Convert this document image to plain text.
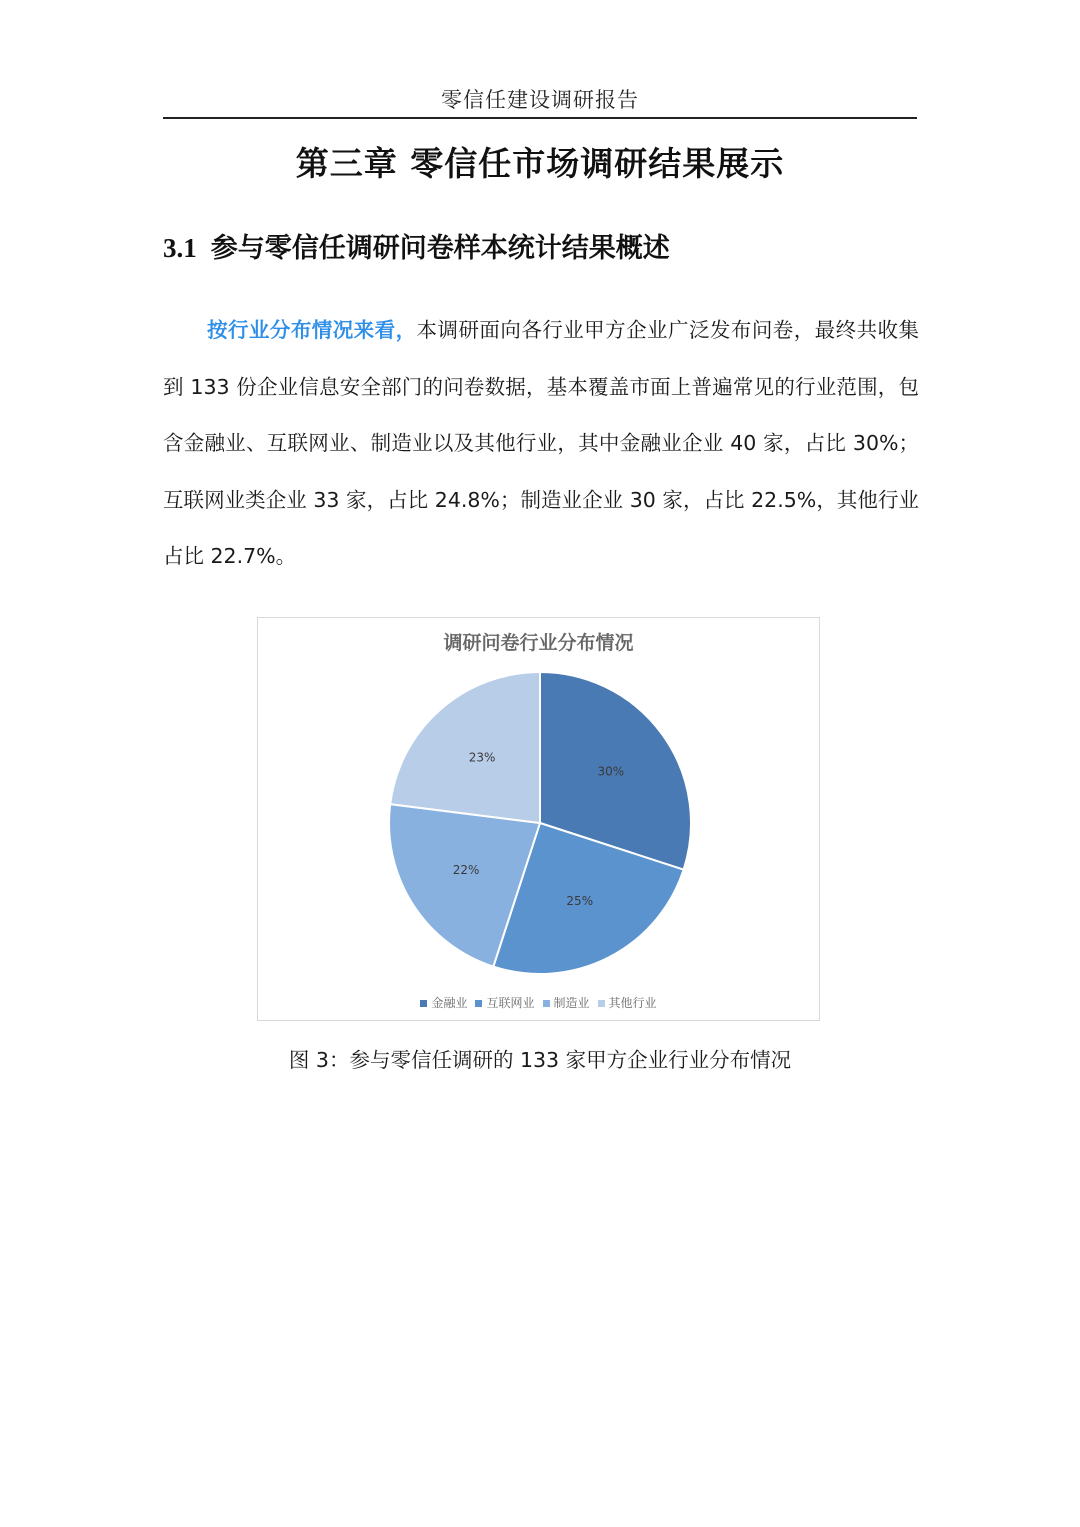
零信任建设调研报告
第三章 零信任市场调研结果展示
3.1 参与零信任调研问卷样本统计结果概述
按行业分布情况来看，本调研面向各行业甲方企业广泛发布问卷，最终共收集到 133 份企业信息安全部门的问卷数据，基本覆盖市面上普遍常见的行业范围，包含金融业、互联网业、制造业以及其他行业，其中金融业企业 40 家，占比 30%；互联网业类企业 33 家，占比 24.8%；制造业企业 30 家，占比 22.5%，其他行业占比 22.7%。
调研问卷行业分布情况
30%
25%
22%
23%
金融业 互联网业 制造业 其他行业
图 3：参与零信任调研的 133 家甲方企业行业分布情况
